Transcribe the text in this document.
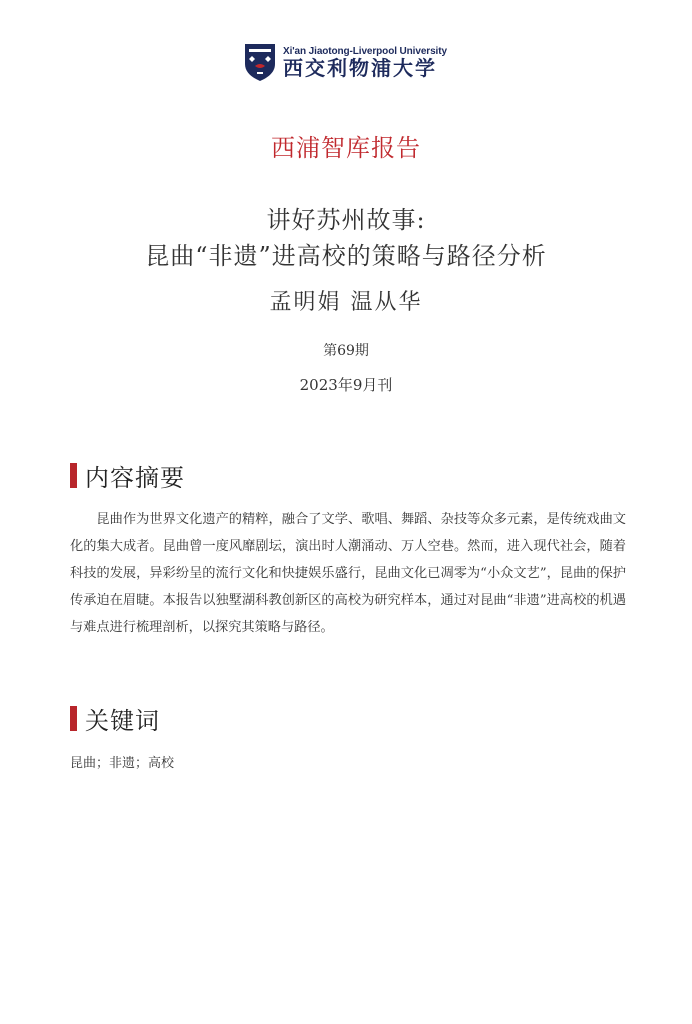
Xi'an Jiaotong-Liverpool University
西交利物浦大学
西浦智库报告
讲好苏州故事:
昆曲“非遗”进高校的策略与路径分析
孟明娟 温从华
第69期
2023年9月刊
内容摘要

昆曲作为世界文化遗产的精粹，融合了文学、歌唱、舞蹈、杂技等众多元素，是传统戏曲文化的集大成者。昆曲曾一度风靡剧坛，演出时人潮涌动、万人空巷。然而，进入现代社会，随着科技的发展，异彩纷呈的流行文化和快捷娱乐盛行，昆曲文化已凋零为“小众文艺”，昆曲的保护传承迫在眉睫。本报告以独墅湖科教创新区的高校为研究样本，通过对昆曲“非遗”进高校的机遇与难点进行梳理剖析，以探究其策略与路径。

关键词
昆曲；非遗；高校
